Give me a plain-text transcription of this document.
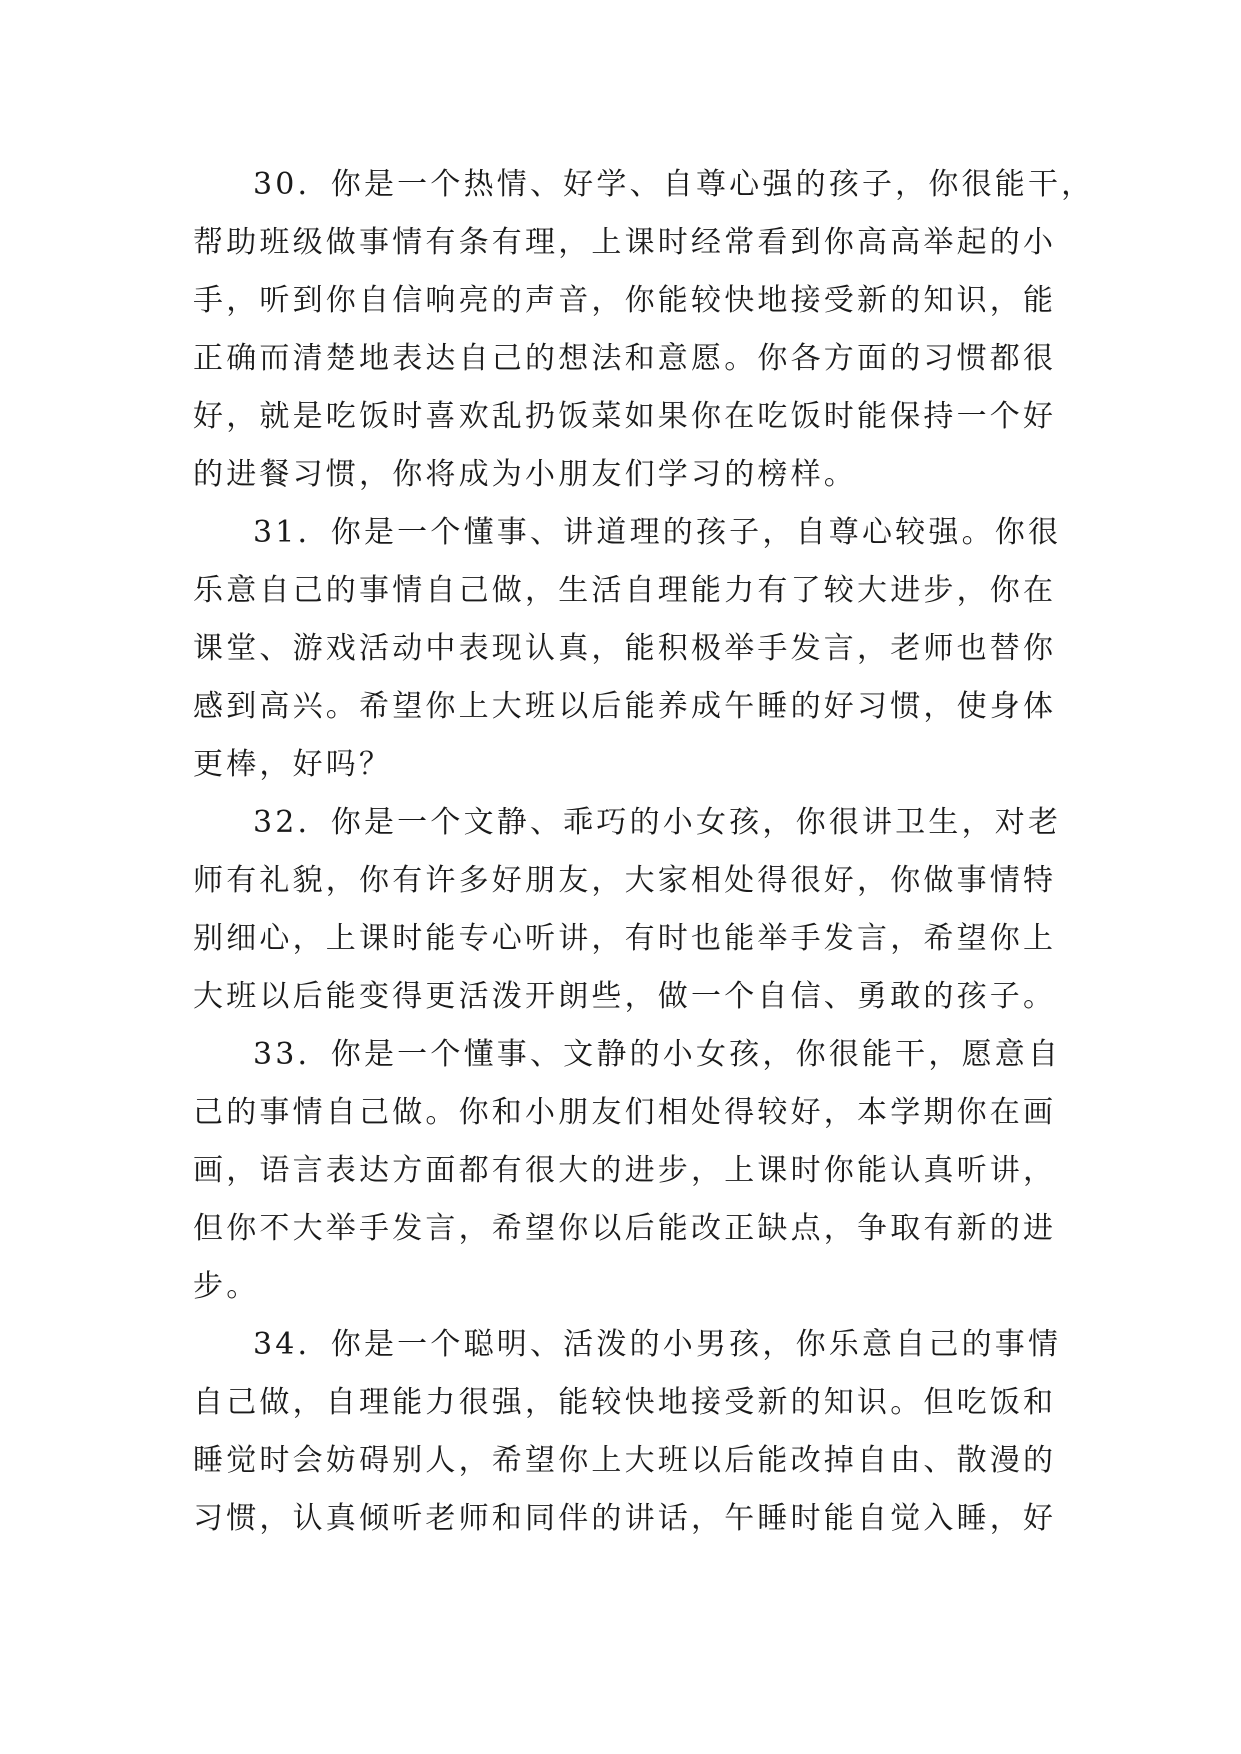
30．你是一个热情、好学、自尊心强的孩子，你很能干，
帮助班级做事情有条有理，上课时经常看到你高高举起的小
手，听到你自信响亮的声音，你能较快地接受新的知识，能
正确而清楚地表达自己的想法和意愿。你各方面的习惯都很
好，就是吃饭时喜欢乱扔饭菜如果你在吃饭时能保持一个好
的进餐习惯，你将成为小朋友们学习的榜样。

31．你是一个懂事、讲道理的孩子，自尊心较强。你很
乐意自己的事情自己做，生活自理能力有了较大进步，你在
课堂、游戏活动中表现认真，能积极举手发言，老师也替你
感到高兴。希望你上大班以后能养成午睡的好习惯，使身体
更棒，好吗？

32．你是一个文静、乖巧的小女孩，你很讲卫生，对老
师有礼貌，你有许多好朋友，大家相处得很好，你做事情特
别细心，上课时能专心听讲，有时也能举手发言，希望你上
大班以后能变得更活泼开朗些，做一个自信、勇敢的孩子。

33．你是一个懂事、文静的小女孩，你很能干，愿意自
己的事情自己做。你和小朋友们相处得较好，本学期你在画
画，语言表达方面都有很大的进步，上课时你能认真听讲，
但你不大举手发言，希望你以后能改正缺点，争取有新的进
步。

34．你是一个聪明、活泼的小男孩，你乐意自己的事情
自己做，自理能力很强，能较快地接受新的知识。但吃饭和
睡觉时会妨碍别人，希望你上大班以后能改掉自由、散漫的
习惯，认真倾听老师和同伴的讲话，午睡时能自觉入睡，好
